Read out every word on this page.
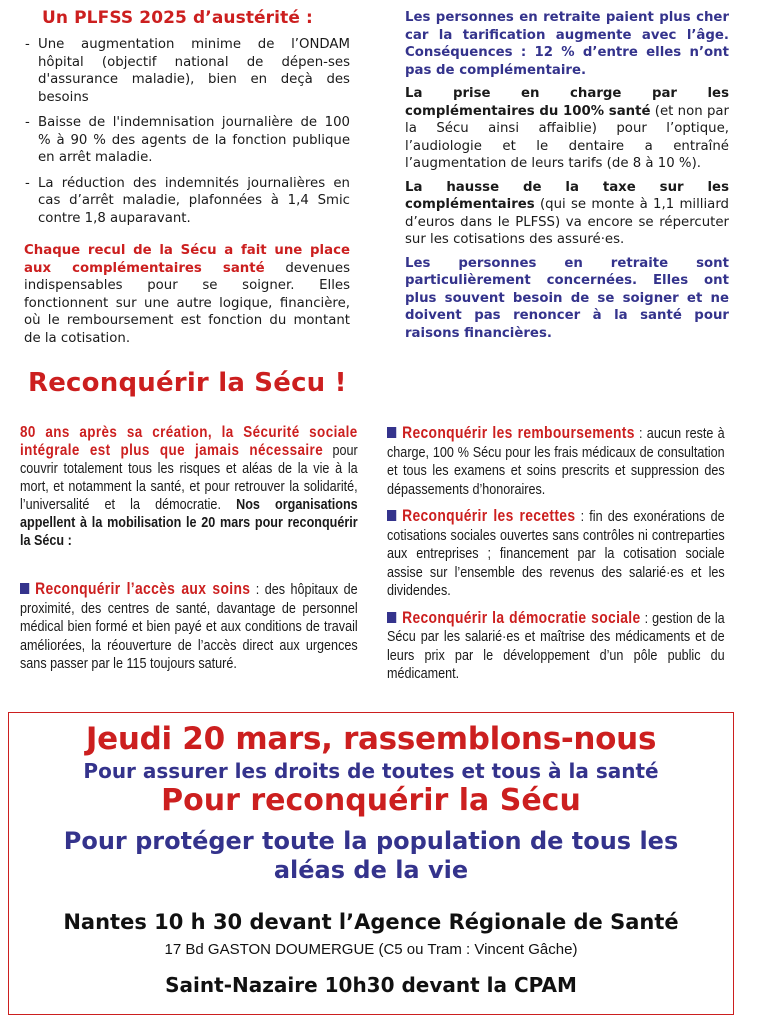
Un PLFSS 2025 d’austérité :
- Une augmentation minime de l’ONDAM hôpital (objectif national de dépen-ses d'assurance maladie), bien en deçà des besoins
- Baisse de l'indemnisation journalière de 100 % à 90 % des agents de la fonction publique en arrêt maladie.
- La réduction des indemnités journalières en cas d’arrêt maladie, plafonnées à 1,4 Smic contre 1,8 auparavant.

Chaque recul de la Sécu a fait une place aux complémentaires santé devenues indispensables pour se soigner. Elles fonctionnent sur une autre logique, financière, où le remboursement est fonction du montant de la cotisation.

Les personnes en retraite paient plus cher car la tarification augmente avec l’âge. Conséquences : 12 % d’entre elles n’ont pas de complémentaire.

La prise en charge par les complémentaires du 100% santé (et non par la Sécu ainsi affaiblie) pour l’optique, l’audiologie et le dentaire a entraîné l’augmentation de leurs tarifs (de 8 à 10 %).

La hausse de la taxe sur les complémentaires (qui se monte à 1,1 milliard d’euros dans le PLFSS) va encore se répercuter sur les cotisations des assuré·es.

Les personnes en retraite sont particulièrement concernées. Elles ont plus souvent besoin de se soigner et ne doivent pas renoncer à la santé pour raisons financières.

Reconquérir la Sécu !

80 ans après sa création, la Sécurité sociale intégrale est plus que jamais nécessaire pour couvrir totalement tous les risques et aléas de la vie à la mort, et notamment la santé, et pour retrouver la solidarité, l’universalité et la démocratie. Nos organisations appellent à la mobilisation le 20 mars pour reconquérir la Sécu :

Reconquérir l’accès aux soins : des hôpitaux de proximité, des centres de santé, davantage de personnel médical bien formé et bien payé et aux conditions de travail améliorées, la réouverture de l’accès direct aux urgences sans passer par le 115 toujours saturé.
Reconquérir les remboursements : aucun reste à charge, 100 % Sécu pour les frais médicaux de consultation et tous les examens et soins prescrits et suppression des dépassements d’honoraires.
Reconquérir les recettes : fin des exonérations de cotisations sociales ouvertes sans contrôles ni contreparties aux entreprises ; financement par la cotisation sociale assise sur l’ensemble des revenus des salarié·es et les dividendes.
Reconquérir la démocratie sociale : gestion de la Sécu par les salarié·es et maîtrise des médicaments et de leurs prix par le développement d’un pôle public du médicament.
Jeudi 20 mars, rassemblons-nous
Pour assurer les droits de toutes et tous à la santé
Pour reconquérir la Sécu
Pour protéger toute la population de tous les aléas de la vie
Nantes 10 h 30 devant l’Agence Régionale de Santé
17 Bd GASTON DOUMERGUE (C5 ou Tram : Vincent Gâche)
Saint-Nazaire 10h30 devant la CPAM
